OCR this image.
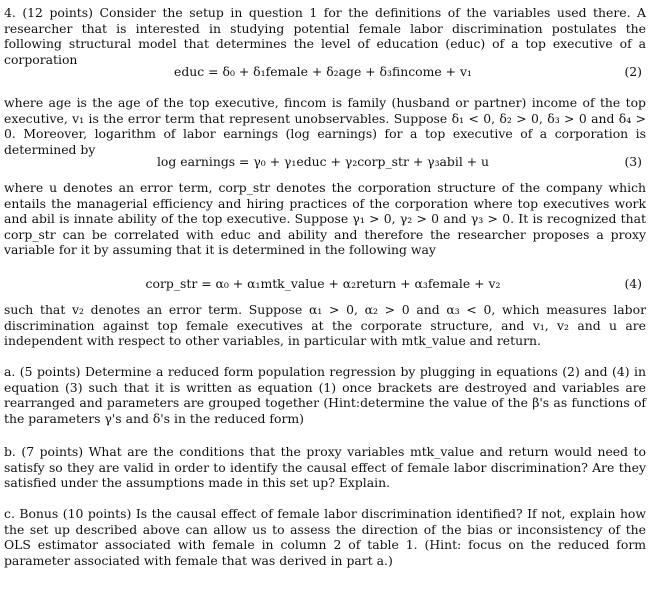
4. (12 points) Consider the setup in question 1 for the definitions of the variables used there. A researcher that is interested in studying potential female labor discrimination postulates the following structural model that determines the level of education (educ) of a top executive of a corporation

educ = δ₀ + δ₁female + δ₂age + δ₃fincome + v₁	(2)

where age is the age of the top executive, fincom is family (husband or partner) income of the top executive, v₁ is the error term that represent unobservables. Suppose δ₁ < 0, δ₂ > 0, δ₃ > 0 and δ₄ > 0. Moreover, logarithm of labor earnings (log earnings) for a top executive of a corporation is determined by

log earnings = γ₀ + γ₁educ + γ₂corp_str + γ₃abil + u	(3)

where u denotes an error term, corp_str denotes the corporation structure of the company which entails the managerial efficiency and hiring practices of the corporation where top executives work and abil is innate ability of the top executive. Suppose γ₁ > 0, γ₂ > 0 and γ₃ > 0. It is recognized that corp_str can be correlated with educ and ability and therefore the researcher proposes a proxy variable for it by assuming that it is determined in the following way

corp_str = α₀ + α₁mtk_value + α₂return + α₃female + v₂	(4)

such that v₂ denotes an error term. Suppose α₁ > 0, α₂ > 0 and α₃ < 0, which measures labor discrimination against top female executives at the corporate structure, and v₁, v₂ and u are independent with respect to other variables, in particular with mtk_value and return.

a. (5 points) Determine a reduced form population regression by plugging in equations (2) and (4) in equation (3) such that it is written as equation (1) once brackets are destroyed and variables are rearranged and parameters are grouped together (Hint:determine the value of the β's as functions of the parameters γ's and δ's in the reduced form)

b. (7 points) What are the conditions that the proxy variables mtk_value and return would need to satisfy so they are valid in order to identify the causal effect of female labor discrimination? Are they satisfied under the assumptions made in this set up? Explain.

c. Bonus (10 points) Is the causal effect of female labor discrimination identified? If not, explain how the set up described above can allow us to assess the direction of the bias or inconsistency of the OLS estimator associated with female in column 2 of table 1. (Hint: focus on the reduced form parameter associated with female that was derived in part a.)
